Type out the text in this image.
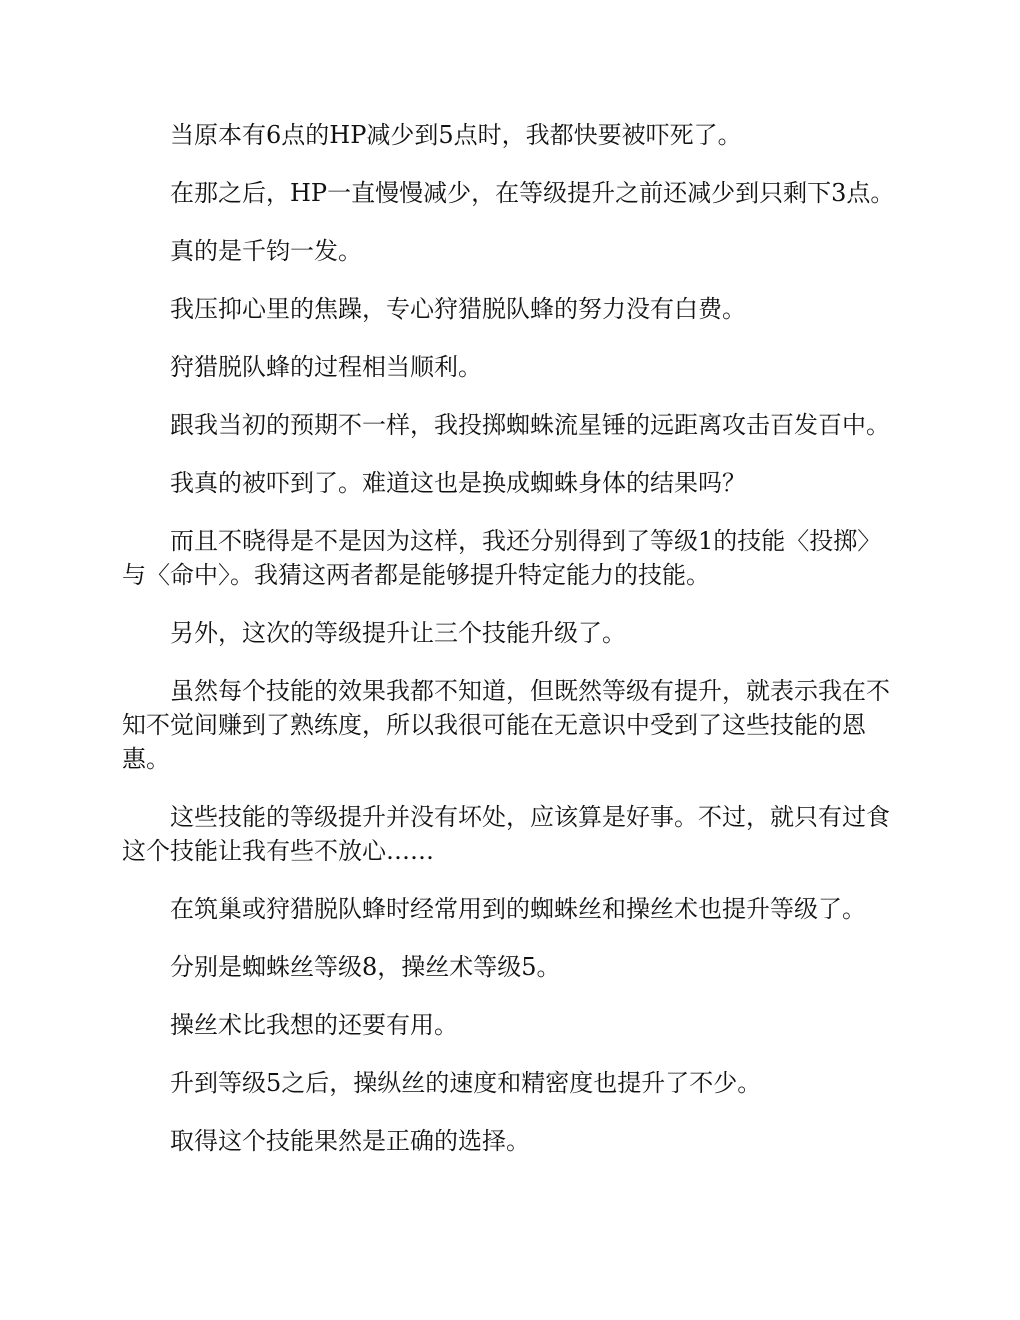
当原本有6点的HP减少到5点时，我都快要被吓死了。

在那之后，HP一直慢慢减少，在等级提升之前还减少到只剩下3点。

真的是千钧一发。

我压抑心里的焦躁，专心狩猎脱队蜂的努力没有白费。

狩猎脱队蜂的过程相当顺利。

跟我当初的预期不一样，我投掷蜘蛛流星锤的远距离攻击百发百中。

我真的被吓到了。难道这也是换成蜘蛛身体的结果吗？

而且不晓得是不是因为这样，我还分别得到了等级1的技能〈投掷〉与〈命中〉。我猜这两者都是能够提升特定能力的技能。

另外，这次的等级提升让三个技能升级了。

虽然每个技能的效果我都不知道，但既然等级有提升，就表示我在不知不觉间赚到了熟练度，所以我很可能在无意识中受到了这些技能的恩惠。

这些技能的等级提升并没有坏处，应该算是好事。不过，就只有过食这个技能让我有些不放心……

在筑巢或狩猎脱队蜂时经常用到的蜘蛛丝和操丝术也提升等级了。

分别是蜘蛛丝等级8，操丝术等级5。

操丝术比我想的还要有用。

升到等级5之后，操纵丝的速度和精密度也提升了不少。

取得这个技能果然是正确的选择。
